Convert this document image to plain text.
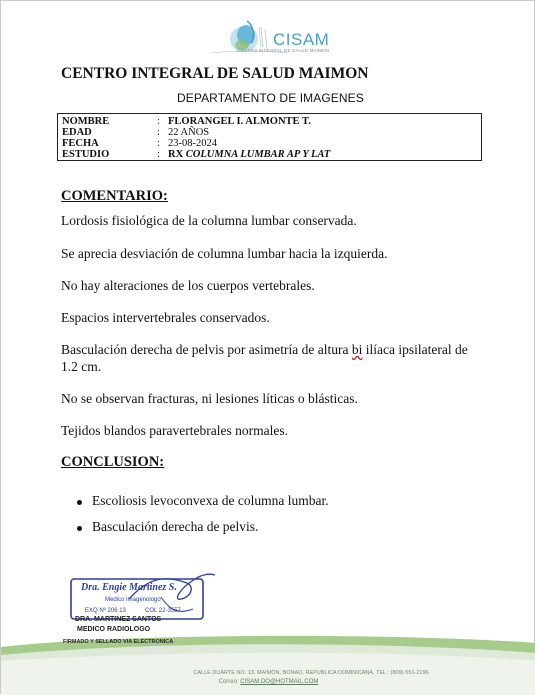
CISAM
CENTRO INTEGRAL DE SALUD MAIMON
CENTRO INTEGRAL DE SALUD MAIMON
DEPARTAMENTO DE IMAGENES
NOMBRE	: FLORANGEL I. ALMONTE T.
EDAD	: 22 AÑOS
FECHA	: 23-08-2024
ESTUDIO	: RX COLUMNA LUMBAR AP Y LAT
COMENTARIO:
Lordosis fisiológica de la columna lumbar conservada.
Se aprecia desviación de columna lumbar hacia la izquierda.
No hay alteraciones de los cuerpos vertebrales.
Espacios intervertebrales conservados.
Basculación derecha de pelvis por asimetría de altura bi ilíaca ipsilateral de 1.2 cm.
No se observan fracturas, ni lesiones líticas o blásticas.
Tejidos blandos paravertebrales normales.
CONCLUSION:
Escoliosis levoconvexa de columna lumbar.
Basculación derecha de pelvis.
Dra. Engie Martinez S.
Medico Imagenologo
EXQ Nº 206 13	COL 22-3557
DRA. MARTINEZ SANTOS
MEDICO RADIOLOGO
FIRMADO Y SELLADO VIA ELECTRONICA
CALLE DUARTE NO. 13, MAIMÓN, BONAO, REPUBLICA DOMINICANA, TEL.: (809)-551-2196
Correo: CISAM.DO@HOTMAIL.COM
